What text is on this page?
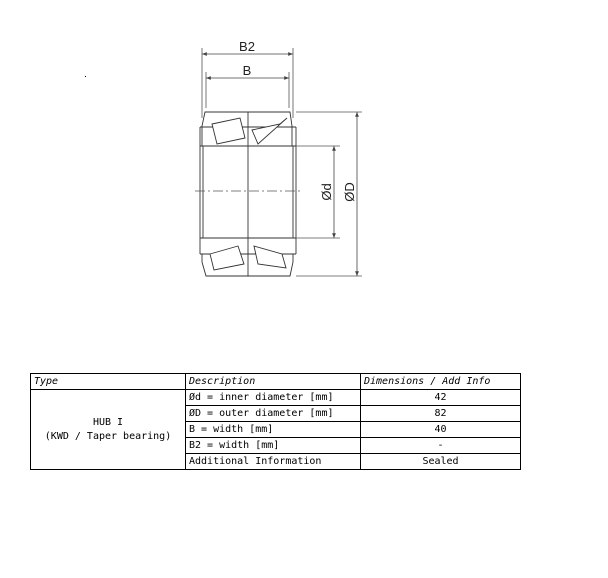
B2
B
Ød ØD
Type	Description	Dimensions / Add Info
HUB I
(KWD / Taper bearing)	Ød = inner diameter [mm]	42
	ØD = outer diameter [mm]	82
	B = width [mm]	40
	B2 = width [mm]	-
	Additional Information	Sealed
